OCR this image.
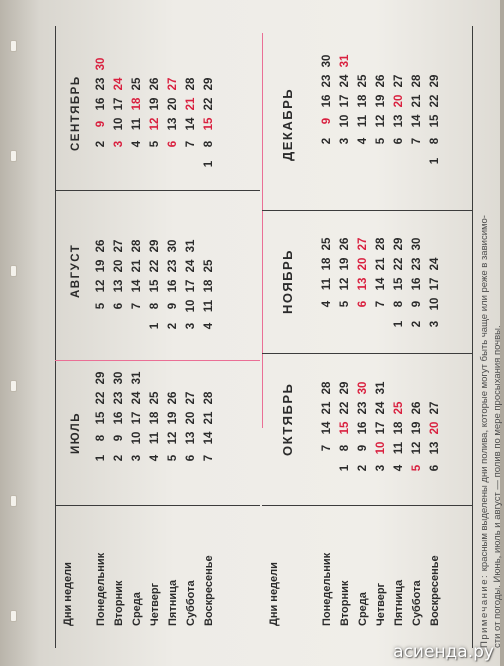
Дни недели Понедельник Вторник Среда Четверг Пятница Суббота Воскресенье	Дни недели	Понедельник Вторник Среда Четверг Пятница Суббота Воскресенье
ИЮЛЬ
АВГУСТ
СЕНТЯБРЬ
ОКТЯБРЬ
НОЯБРЬ
ДЕКАБРЬ
1
8
15
22
29
2
9
16
23
30
3
10
17
24
31
4
11
18
25
5
12
19
26
6
13
20
27
7
14
21
28
5
12
19
26
6
13
20
27
7
14
21
28
1
8
15
22
29
2
9
16
23
30
3
10
17
24
31
4
11
18
25
2
9
16
23
30
3
10
17
24
4
11
18
25
5
12
19
26
6
13
20
27
7
14
21
28
1
8
15
22
29
7
14
21
28
1
8
15
22
29
2
9
16
23
30
3
10
17
24
31
4
11
18
25
5
12
19
26
6
13
20
27
4
11
18
25
5
12
19
26
6
13
20
27
7
14
21
28
1
8
15
22
29
2
9
16
23
30
3
10
17
24
2
9
16
23
30
3
10
17
24
31
4
11
18
25
5
12
19
26
6
13
20
27
7
14
21
28
1
8
15
22
29
Примечание: красным выделены дни полива, которые могут быть чаще или реже в зависимо- сти от погоды. Июнь, июль и август — полив по мере просыхания почвы.
асиенда.ру
